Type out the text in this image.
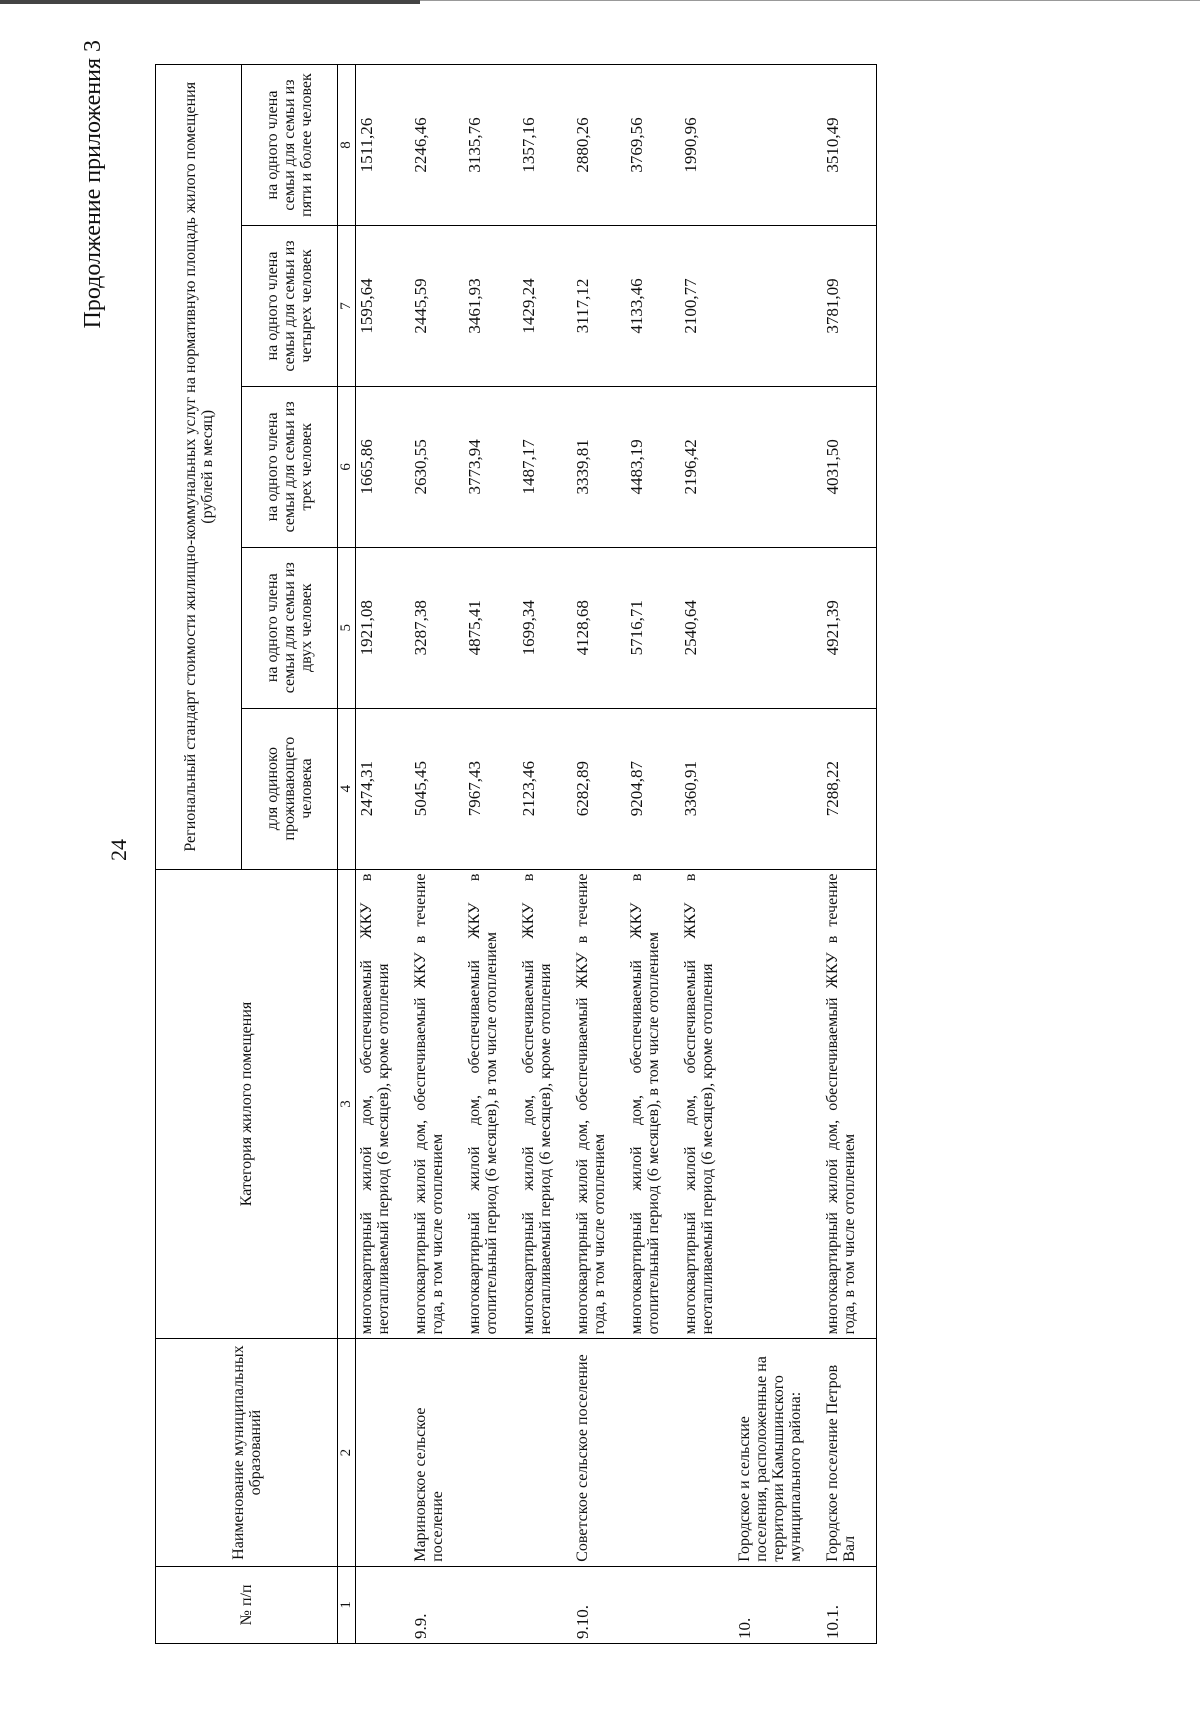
24
Продолжение приложения 3
№ п/п	Наименование муниципальных образований	Категория жилого помещения	Региональный стандарт стоимости жилищно-коммунальных услуг на нормативную площадь жилого помещения (рублей в месяц)				
			для одиноко проживающего человека	на одного члена семьи для семьи из двух человек	на одного члена семьи для семьи из трех человек	на одного члена семьи для семьи из четырех человек	на одного члена семьи для семьи из пяти и более человек
1	2	3	4	5	6	7	8
		многоквартирный жилой дом, обеспечиваемый ЖКУ в неотапливаемый период (6 месяцев), кроме отопления	2474,31	1921,08	1665,86	1595,64	1511,26
9.9.	Мариновское сельское поселение	многоквартирный жилой дом, обеспечиваемый ЖКУ в течение года, в том числе отоплением	5045,45	3287,38	2630,55	2445,59	2246,46
		многоквартирный жилой дом, обеспечиваемый ЖКУ в отопительный период (6 месяцев), в том числе отоплением	7967,43	4875,41	3773,94	3461,93	3135,76
		многоквартирный жилой дом, обеспечиваемый ЖКУ в неотапливаемый период (6 месяцев), кроме отопления	2123,46	1699,34	1487,17	1429,24	1357,16
9.10.	Советское сельское поселение	многоквартирный жилой дом, обеспечиваемый ЖКУ в течение года, в том числе отоплением	6282,89	4128,68	3339,81	3117,12	2880,26
		многоквартирный жилой дом, обеспечиваемый ЖКУ в отопительный период (6 месяцев), в том числе отоплением	9204,87	5716,71	4483,19	4133,46	3769,56
		многоквартирный жилой дом, обеспечиваемый ЖКУ в неотапливаемый период (6 месяцев), кроме отопления	3360,91	2540,64	2196,42	2100,77	1990,96
10.	Городское и сельские поселения, расположенные на территории Камышинского муниципального района:						
10.1.	Городское поселение Петров Вал	многоквартирный жилой дом, обеспечиваемый ЖКУ в течение года, в том числе отоплением	7288,22	4921,39	4031,50	3781,09	3510,49
